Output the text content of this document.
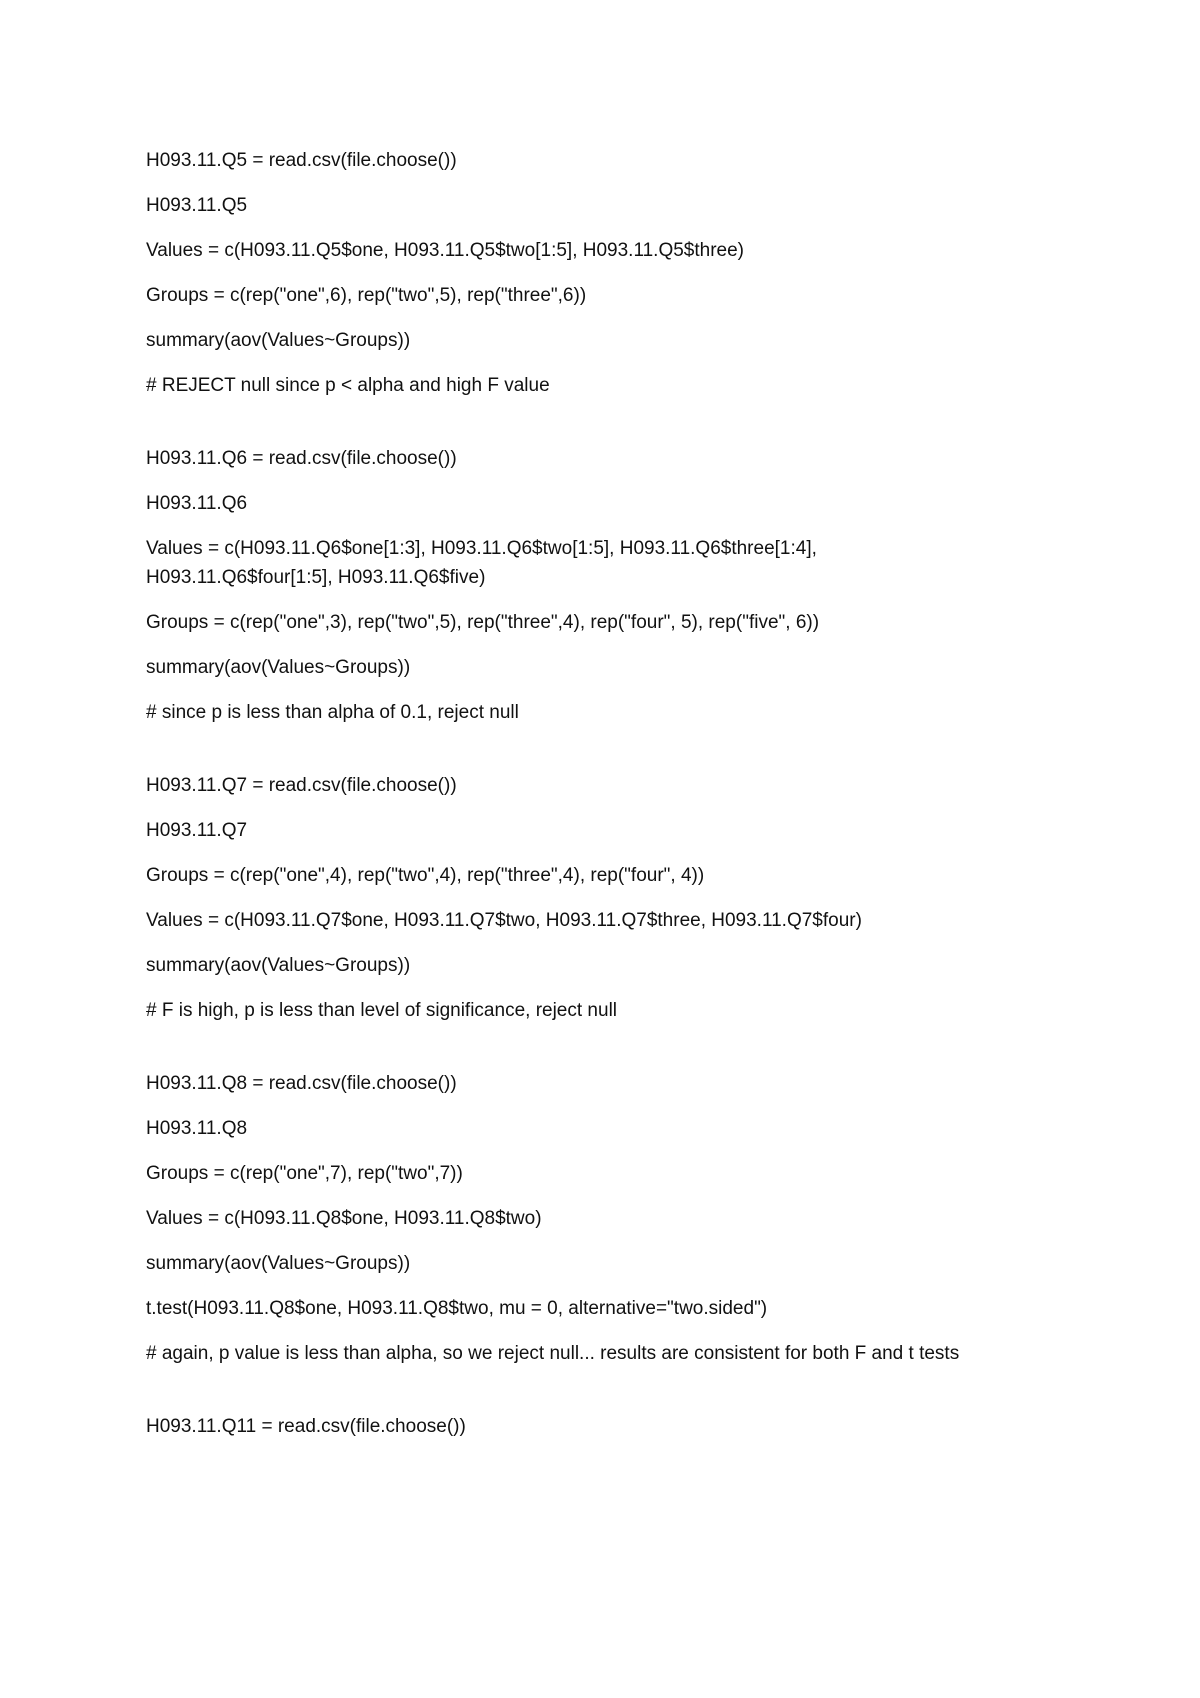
H093.11.Q5 = read.csv(file.choose())
H093.11.Q5
Values = c(H093.11.Q5$one, H093.11.Q5$two[1:5], H093.11.Q5$three)
Groups = c(rep("one",6), rep("two",5), rep("three",6))
summary(aov(Values~Groups))
# REJECT null since p < alpha and high F value
H093.11.Q6 = read.csv(file.choose())
H093.11.Q6
Values = c(H093.11.Q6$one[1:3], H093.11.Q6$two[1:5], H093.11.Q6$three[1:4],
H093.11.Q6$four[1:5], H093.11.Q6$five)
Groups = c(rep("one",3), rep("two",5), rep("three",4), rep("four", 5), rep("five", 6))
summary(aov(Values~Groups))
# since p is less than alpha of 0.1, reject null
H093.11.Q7 = read.csv(file.choose())
H093.11.Q7
Groups = c(rep("one",4), rep("two",4), rep("three",4), rep("four", 4))
Values = c(H093.11.Q7$one, H093.11.Q7$two, H093.11.Q7$three, H093.11.Q7$four)
summary(aov(Values~Groups))
# F is high, p is less than level of significance, reject null
H093.11.Q8 = read.csv(file.choose())
H093.11.Q8
Groups = c(rep("one",7), rep("two",7))
Values = c(H093.11.Q8$one, H093.11.Q8$two)
summary(aov(Values~Groups))
t.test(H093.11.Q8$one, H093.11.Q8$two, mu = 0, alternative="two.sided")
# again, p value is less than alpha, so we reject null... results are consistent for both F and t tests
H093.11.Q11 = read.csv(file.choose())
